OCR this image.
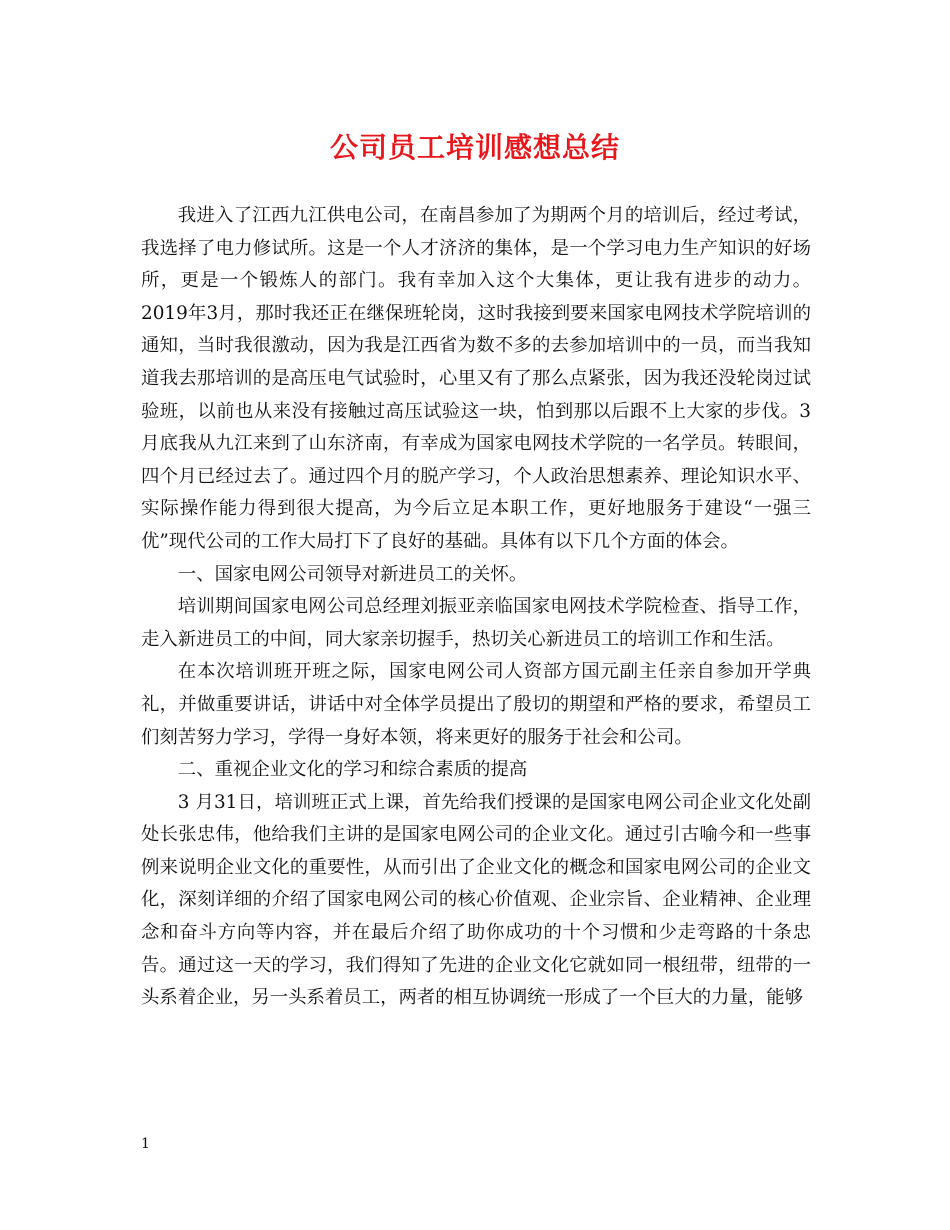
公司员工培训感想总结

我进入了江西九江供电公司，在南昌参加了为期两个月的培训后，经过考试，我选择了电力修试所。这是一个人才济济的集体，是一个学习电力生产知识的好场所，更是一个锻炼人的部门。我有幸加入这个大集体，更让我有进步的动力。2019年3月，那时我还正在继保班轮岗，这时我接到要来国家电网技术学院培训的通知，当时我很激动，因为我是江西省为数不多的去参加培训中的一员，而当我知道我去那培训的是高压电气试验时，心里又有了那么点紧张，因为我还没轮岗过试验班，以前也从来没有接触过高压试验这一块，怕到那以后跟不上大家的步伐。3月底我从九江来到了山东济南，有幸成为国家电网技术学院的一名学员。转眼间，四个月已经过去了。通过四个月的脱产学习，个人政治思想素养、理论知识水平、实际操作能力得到很大提高，为今后立足本职工作，更好地服务于建设“一强三优”现代公司的工作大局打下了良好的基础。具体有以下几个方面的体会。

一、国家电网公司领导对新进员工的关怀。

培训期间国家电网公司总经理刘振亚亲临国家电网技术学院检查、指导工作，走入新进员工的中间，同大家亲切握手，热切关心新进员工的培训工作和生活。

在本次培训班开班之际，国家电网公司人资部方国元副主任亲自参加开学典礼，并做重要讲话，讲话中对全体学员提出了殷切的期望和严格的要求，希望员工们刻苦努力学习，学得一身好本领，将来更好的服务于社会和公司。

二、重视企业文化的学习和综合素质的提高

3 月31日，培训班正式上课，首先给我们授课的是国家电网公司企业文化处副处长张忠伟，他给我们主讲的是国家电网公司的企业文化。通过引古喻今和一些事例来说明企业文化的重要性，从而引出了企业文化的概念和国家电网公司的企业文化，深刻详细的介绍了国家电网公司的核心价值观、企业宗旨、企业精神、企业理念和奋斗方向等内容，并在最后介绍了助你成功的十个习惯和少走弯路的十条忠告。通过这一天的学习，我们得知了先进的企业文化它就如同一根纽带，纽带的一头系着企业，另一头系着员工，两者的相互协调统一形成了一个巨大的力量，能够

1
